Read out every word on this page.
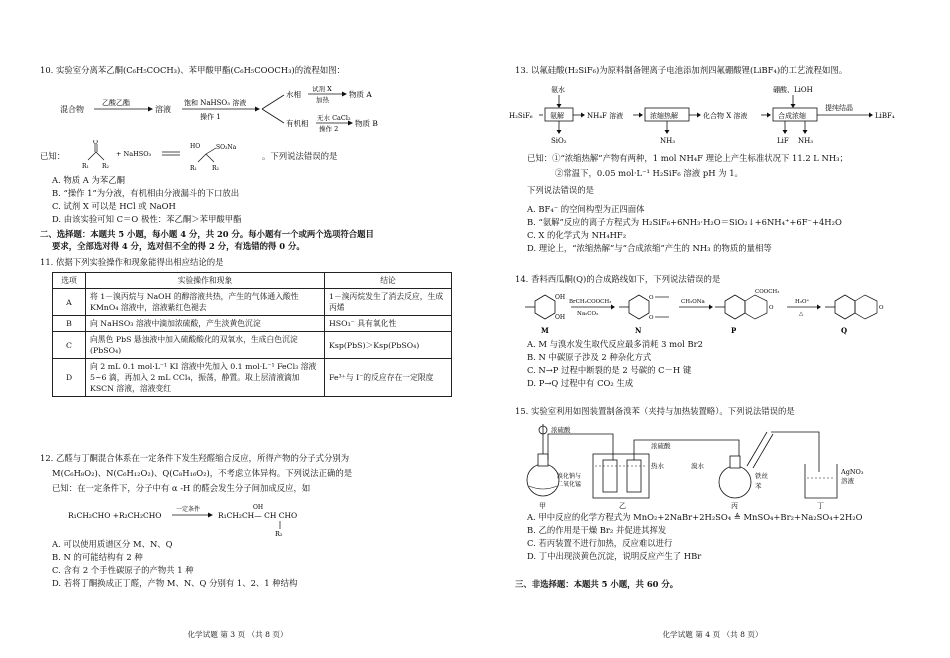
10. 实验室分离苯乙酮(C₆H₅COCH₃)、苯甲酸甲酯(C₆H₅COOCH₃)的流程如图：
混合物
乙酸乙酯
溶液
饱和 NaHSO₃ 溶液
操作 1
水相
试剂 X
加热
物质 A
有机相
无水 CaCl₂
操作 2
物质 B
已知：
O
R₁ R₂
+ NaHSO₃
HO	SO₃Na
R₁	R₂
。下列说法错误的是
A. 物质 A 为苯乙酮
B. “操作 1”为分液，有机相由分液漏斗的下口放出
C. 试剂 X 可以是 HCl 或 NaOH
D. 由该实验可知 C＝O 极性：苯乙酮＞苯甲酸甲酯
二、选择题：本题共 5 小题，每小题 4 分，共 20 分。每小题有一个或两个选项符合题目
要求，全部选对得 4 分，选对但不全的得 2 分，有选错的得 0 分。
11. 依据下列实验操作和现象能得出相应结论的是
选项	实验操作和现象	结论
A	将 1－溴丙烷与 NaOH 的醇溶液共热，产生的气体通入酸性 KMnO₄ 溶液中，溶液紫红色褪去	1－溴丙烷发生了消去反应，生成丙烯
B	向 NaHSO₃ 溶液中滴加浓硫酸，产生淡黄色沉淀	HSO₃⁻ 具有氧化性
C	向黑色 PbS 悬浊液中加入硫酸酸化的双氧水，生成白色沉淀(PbSO₄)	Ksp(PbS)＞Ksp(PbSO₄)
D	向 2 mL 0.1 mol·L⁻¹ KI 溶液中先加入 0.1 mol·L⁻¹ FeCl₃ 溶液 5~6 滴，再加入 2 mL CCl₄，振荡，静置。取上层清液滴加 KSCN 溶液，溶液变红	Fe³⁺与 I⁻的反应存在一定限度
12. 乙醛与丁酮混合体系在一定条件下发生羟醛缩合反应，所得产物的分子式分别为
M(C₆H₈O₂)、N(C₆H₁₂O₂)、Q(C₈H₁₆O₂)，不考虑立体异构。下列说法正确的是
已知：在一定条件下，分子中有 α -H 的醛会发生分子间加成反应，如
R₁CH₂CHO +R₂CH₂CHO
一定条件
R₁CH₂CH— CH CHO
OH
R₂
A. 可以使用质谱区分 M、N、Q
B. N 的可能结构有 2 种
C. 含有 2 个手性碳原子的产物共 1 种
D. 若将丁酮换成正丁醛，产物 M、N、Q 分别有 1、2、1 种结构
化学试题 第 3 页 （共 8 页）
13. 以氟硅酸(H₂SiF₆)为原料制备锂离子电池添加剂四氟硼酸锂(LiBF₄)的工艺流程如图。
氨水
H₂SiF₆ 氨解
SiO₂
NH₄F 溶液	浓缩热解
NH₃
化合物 X 溶液
硼酸、LiOH
合成浓缩
提纯结晶
LiBF₄
LiF NH₃
已知：①“浓缩热解”产物有两种，1 mol NH₄F 理论上产生标准状况下 11.2 L NH₃；
②常温下，0.05 mol·L⁻¹ H₂SiF₆ 溶液 pH 为 1。
下列说法错误的是
A. BF₄⁻ 的空间构型为正四面体
B. “氨解”反应的离子方程式为 H₂SiF₆+6NH₃·H₂O＝SiO₂↓+6NH₄⁺+6F⁻+4H₂O
C. X 的化学式为 NH₄HF₂
D. 理论上，“浓缩热解”与“合成浓缩”产生的 NH₃ 的物质的量相等
14. 香料西瓜酮(Q)的合成路线如下，下列说法错误的是
OH
OH
M
BrCH₂COOCH₃
Na₂CO₃
O
O
N
CH₃ONa
COOCH₃
O
P
H₃O⁺
△
O
Q
A. M 与溴水发生取代反应最多消耗 3 mol Br2
B. N 中碳原子涉及 2 种杂化方式
C. N→P 过程中断裂的是 2 号碳的 C－H 键
D. P→Q 过程中有 CO₂ 生成
15. 实验室利用如图装置制备溴苯（夹持与加热装置略）。下列说法错误的是
浓硫酸
溴化钠与
二氧化锰
甲
浓硫酸
热水
乙
溴水
铁丝
苯
丙
AgNO₃
溶液
丁
A. 甲中反应的化学方程式为 MnO₂+2NaBr+2H₂SO₄ ≜ MnSO₄+Br₂+Na₂SO₄+2H₂O
B. 乙的作用是干燥 Br₂ 并促进其挥发
C. 若丙装置不进行加热，反应难以进行
D. 丁中出现淡黄色沉淀，说明反应产生了 HBr
三、非选择题：本题共 5 小题，共 60 分。
化学试题 第 4 页 （共 8 页）
